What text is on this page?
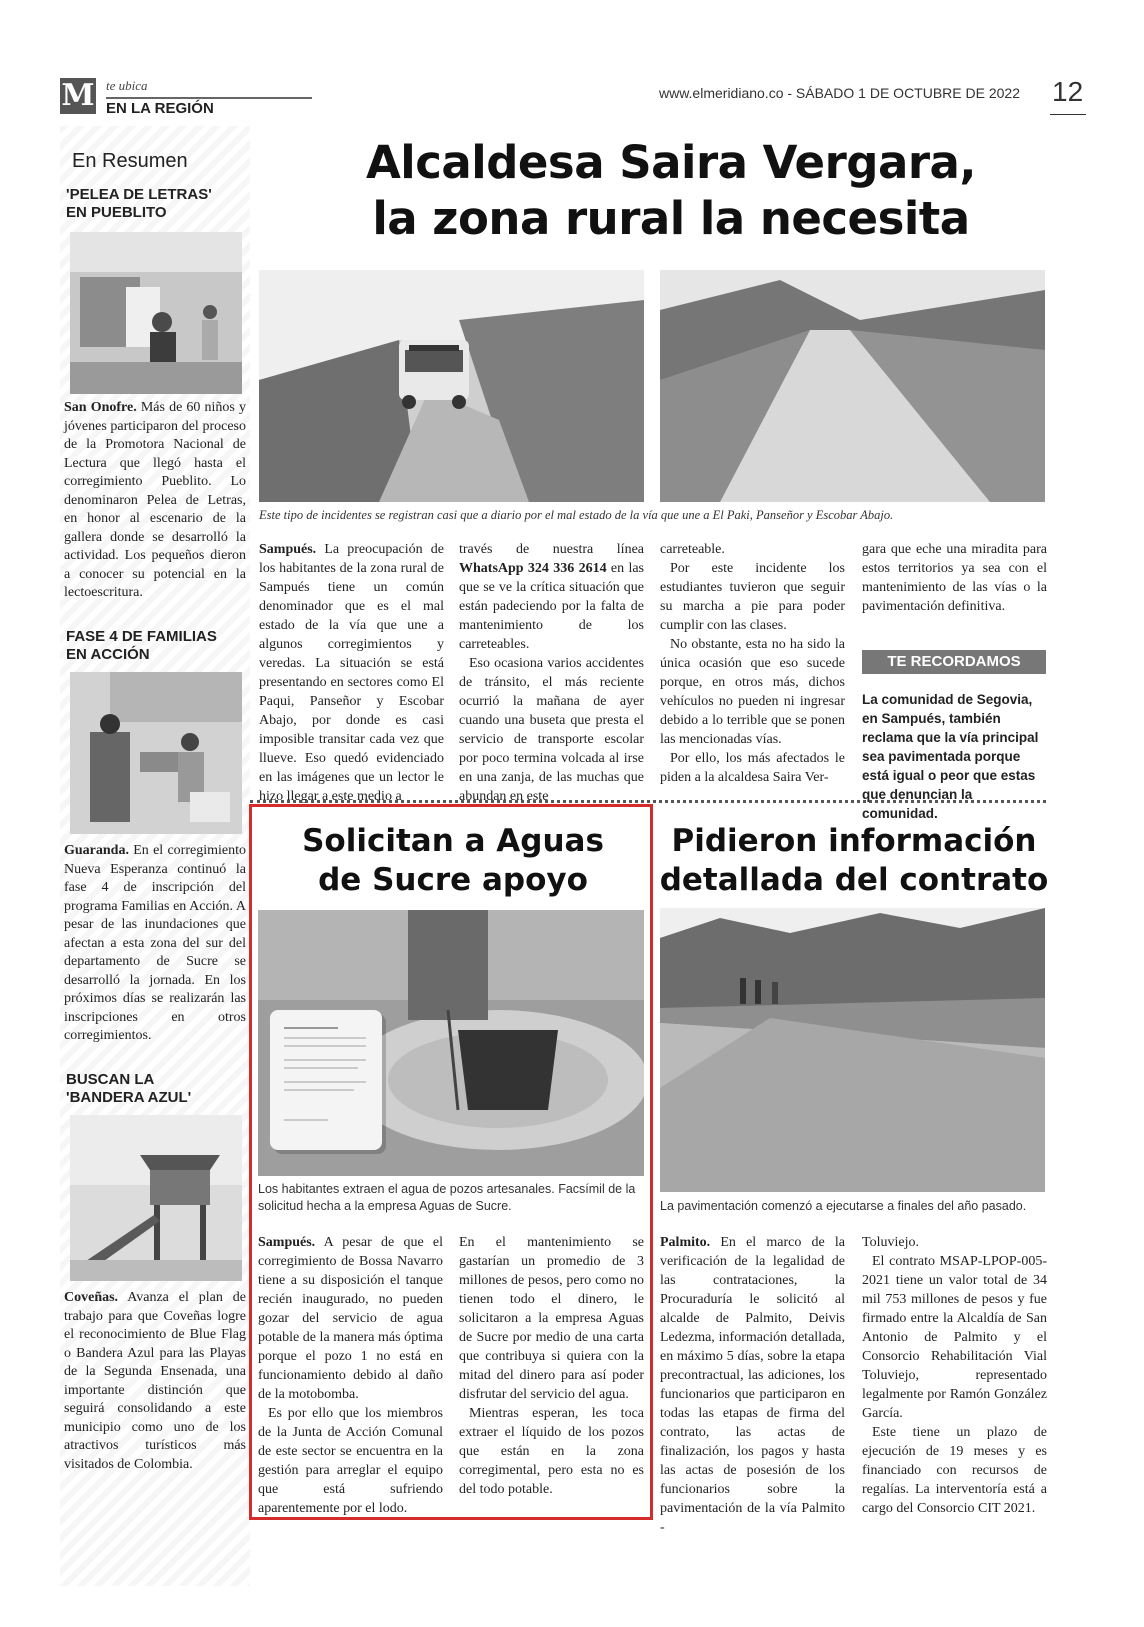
M te ubica
EN LA REGIÓN
www.elmeridiano.co - SÁBADO 1 DE OCTUBRE DE 2022 12
En Resumen
'PELEA DE LETRAS'
EN PUEBLITO
San Onofre. Más de 60 niños y jóvenes participaron del proceso de la Promotora Nacional de Lectura que llegó hasta el corregimiento Pueblito. Lo denominaron Pelea de Letras, en honor al escenario de la gallera donde se desarrolló la actividad. Los pequeños dieron a conocer su potencial en la lectoescritura.
FASE 4 DE FAMILIAS
EN ACCIÓN
Guaranda. En el corregimiento Nueva Esperanza continuó la fase 4 de inscripción del programa Familias en Acción. A pesar de las inundaciones que afectan a esta zona del sur del departamento de Sucre se desarrolló la jornada. En los próximos días se realizarán las inscripciones en otros corregimientos.
BUSCAN LA
'BANDERA AZUL'
Coveñas. Avanza el plan de trabajo para que Coveñas logre el reconocimiento de Blue Flag o Bandera Azul para las Playas de la Segunda Ensenada, una importante distinción que seguirá consolidando a este municipio como uno de los atractivos turísticos más visitados de Colombia.
Alcaldesa Saira Vergara,
la zona rural la necesita
Este tipo de incidentes se registran casi que a diario por el mal estado de la vía que une a El Paki, Panseñor y Escobar Abajo.

Sampués. La preocupación de los habitantes de la zona rural de Sampués tiene un común denominador que es el mal estado de la vía que une a algunos corregimientos y veredas. La situación se está presentando en sectores como El Paqui, Panseñor y Escobar Abajo, por donde es casi imposible transitar cada vez que llueve. Eso quedó evidenciado en las imágenes que un lector le hizo llegar a este medio a

través de nuestra línea WhatsApp 324 336 2614 en las que se ve la crítica situación que están padeciendo por la falta de mantenimiento de los carreteables.

Eso ocasiona varios accidentes de tránsito, el más reciente ocurrió la mañana de ayer cuando una buseta que presta el servicio de transporte escolar por poco termina volcada al irse en una zanja, de las muchas que abundan en este

carreteable.

Por este incidente los estudiantes tuvieron que seguir su marcha a pie para poder cumplir con las clases.

No obstante, esta no ha sido la única ocasión que eso sucede porque, en otros más, dichos vehículos no pueden ni ingresar debido a lo terrible que se ponen las mencionadas vías.

Por ello, los más afectados le piden a la alcaldesa Saira Ver-

gara que eche una miradita para estos territorios ya sea con el mantenimiento de las vías o la pavimentación definitiva.

TE RECORDAMOS
La comunidad de Segovia, en Sampués, también reclama que la vía principal sea pavimentada porque está igual o peor que estas que denuncian la comunidad.
Solicitan a Aguas
de Sucre apoyo
Los habitantes extraen el agua de pozos artesanales. Facsímil de la solicitud hecha a la empresa Aguas de Sucre.

Sampués. A pesar de que el corregimiento de Bossa Navarro tiene a su disposición el tanque recién inaugurado, no pueden gozar del servicio de agua potable de la manera más óptima porque el pozo 1 no está en funcionamiento debido al daño de la motobomba.

Es por ello que los miembros de la Junta de Acción Comunal de este sector se encuentra en la gestión para arreglar el equipo que está sufriendo aparentemente por el lodo.

En el mantenimiento se gastarían un promedio de 3 millones de pesos, pero como no tienen todo el dinero, le solicitaron a la empresa Aguas de Sucre por medio de una carta que contribuya si quiera con la mitad del dinero para así poder disfrutar del servicio del agua.

Mientras esperan, les toca extraer el líquido de los pozos que están en la zona corregimental, pero esta no es del todo potable.

Pidieron información
detallada del contrato
La pavimentación comenzó a ejecutarse a finales del año pasado.

Palmito. En el marco de la verificación de la legalidad de las contrataciones, la Procuraduría le solicitó al alcalde de Palmito, Deivis Ledezma, información detallada, en máximo 5 días, sobre la etapa precontractual, las adiciones, los funcionarios que participaron en todas las etapas de firma del contrato, las actas de finalización, los pagos y hasta las actas de posesión de los funcionarios sobre la pavimentación de la vía Palmito -

Toluviejo.

El contrato MSAP-LPOP-005-2021 tiene un valor total de 34 mil 753 millones de pesos y fue firmado entre la Alcaldía de San Antonio de Palmito y el Consorcio Rehabilitación Vial Toluviejo, representado legalmente por Ramón González García.

Este tiene un plazo de ejecución de 19 meses y es financiado con recursos de regalías. La interventoría está a cargo del Consorcio CIT 2021.
